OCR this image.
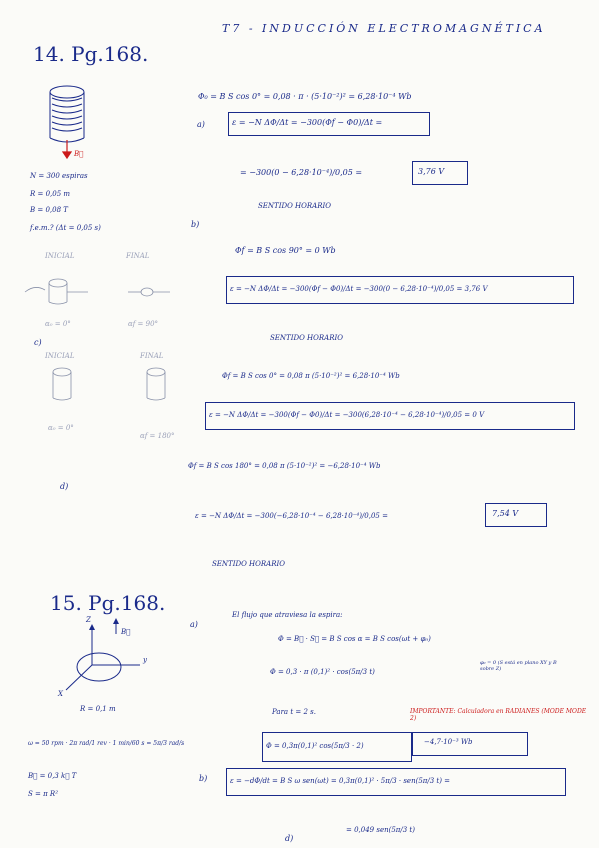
T7 - INDUCCIÓN ELECTROMAGNÉTICA
14. Pg.168.
B⃗
Φ₀ = B S cos 0° = 0,08 · π · (5·10⁻²)² = 6,28·10⁻⁴ Wb
a)	ε = −N ΔΦ/Δt = −300(Φf − Φ0)/Δt =
= −300(0 − 6,28·10⁻⁴)/0,05 =	3,76 V
SENTIDO HORARIO
N = 300 espiras
R = 0,05 m
B = 0,08 T
f.e.m.? (Δt = 0,05 s)	b)
Φf = B S cos 90° = 0 Wb
ε = −N ΔΦ/Δt = −300(Φf − Φ0)/Δt = −300(0 − 6,28·10⁻⁴)/0,05 = 3,76 V
SENTIDO HORARIO
INICIAL	FINAL
α₀ = 0°	αf = 90°
c)
INICIAL	FINAL
α₀ = 0°
αf = 180°
Φf = B S cos 0° = 0,08 π (5·10⁻²)² = 6,28·10⁻⁴ Wb
ε = −N ΔΦ/Δt = −300(Φf − Φ0)/Δt = −300(6,28·10⁻⁴ − 6,28·10⁻⁴)/0,05 = 0 V
d)
Φf = B S cos 180° = 0,08 π (5·10⁻²)² = −6,28·10⁻⁴ Wb
ε = −N ΔΦ/Δt = −300(−6,28·10⁻⁴ − 6,28·10⁻⁴)/0,05 =	7,54 V
SENTIDO HORARIO
15. Pg.168.
Z
y
X
B⃗
R = 0,1 m
a)
El flujo que atraviesa la espira:
Φ = B⃗ · S⃗ = B S cos α = B S cos(ωt + φ₀)
φ₀ = 0 (S está en plano XY y B sobre Z)
Φ = 0,3 · π (0,1)² · cos(5π/3 t)
Para t = 2 s.
Φ = 0,3π(0,1)² cos(5π/3 · 2)	−4,7·10⁻³ Wb
IMPORTANTE: Calculadora en RADIANES (MODE MODE 2)
ω = 50 rpm · 2π rad/1 rev · 1 min/60 s = 5π/3 rad/s
B⃗ = 0,3 k⃗ T
S = π R²
b)	ε = −dΦ/dt = B S ω sen(ωt) = 0,3π(0,1)² · 5π/3 · sen(5π/3 t) =
= 0,049 sen(5π/3 t)
d)
